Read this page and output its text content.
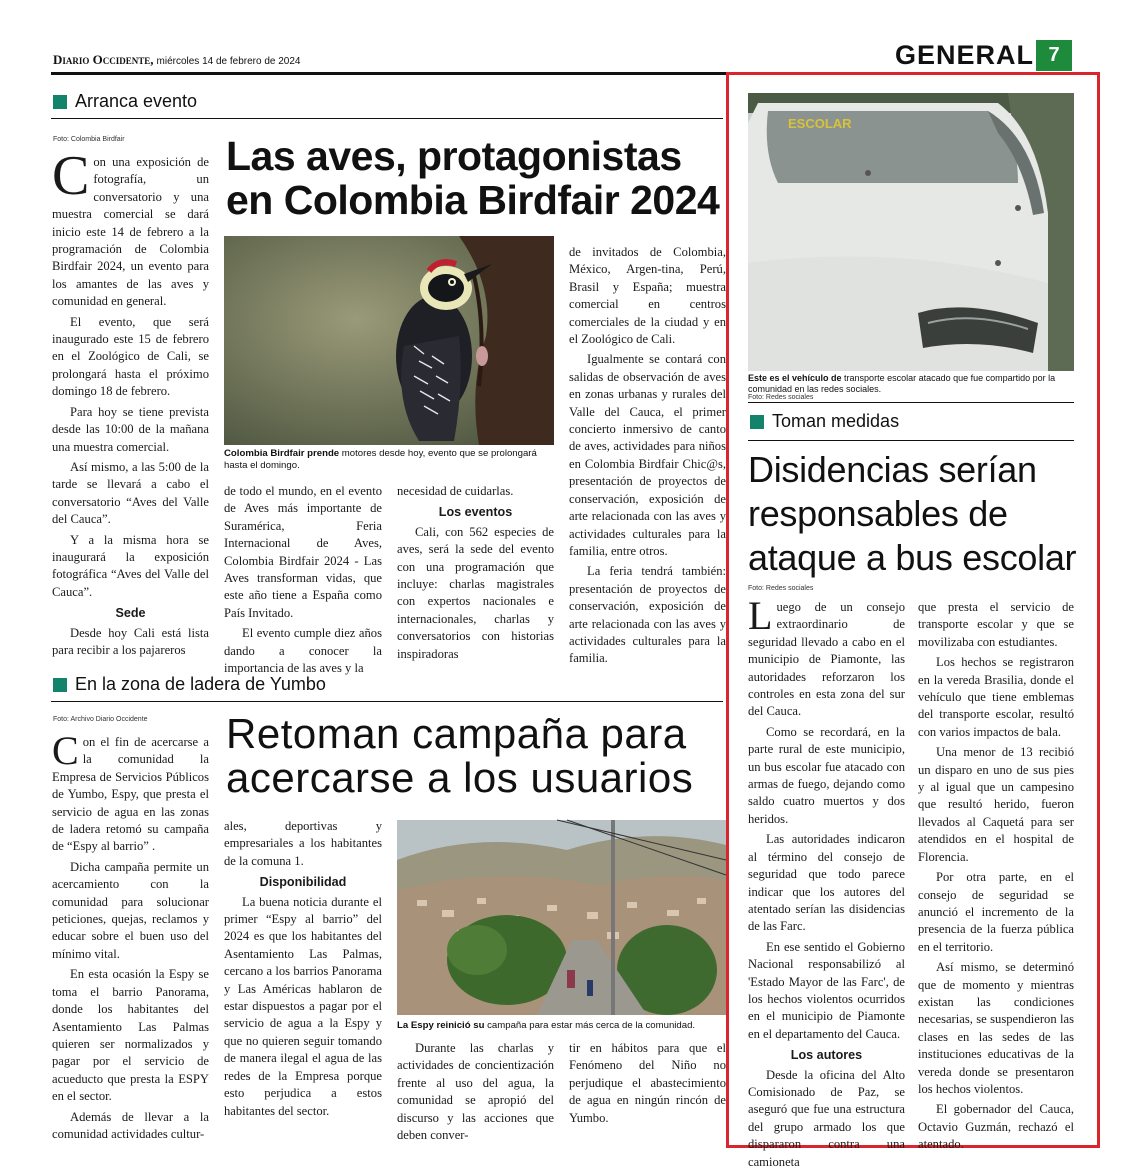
Diario Occidente, miércoles 14 de febrero de 2024	GENERAL 7
Arranca evento
Foto: Colombia Birdfair Las aves, protagonistas en Colombia Birdfair 2024

Con una exposición de fotografía, un conversatorio y una muestra comercial se dará inicio este 14 de febrero a la programación de Colombia Birdfair 2024, un evento para los amantes de las aves y comunidad en general.

El evento, que será inaugurado este 15 de febrero en el Zoológico de Cali, se prolongará hasta el próximo domingo 18 de febrero.

Para hoy se tiene prevista desde las 10:00 de la mañana una muestra comercial.

Así mismo, a las 5:00 de la tarde se llevará a cabo el conversatorio “Aves del Valle del Cauca”.

Y a la misma hora se inaugurará la exposición fotográfica “Aves del Valle del Cauca”.

Sede

Desde hoy Cali está lista para recibir a los pajareros

Colombia Birdfair prende motores desde hoy, evento que se prolongará hasta el domingo.

de todo el mundo, en el evento de Aves más importante de Suramérica, Feria Internacional de Aves, Colombia Birdfair 2024 - Las Aves transforman vidas, que este año tiene a España como País Invitado.

El evento cumple diez años dando a conocer la importancia de las aves y la

necesidad de cuidarlas.

Los eventos

Cali, con 562 especies de aves, será la sede del evento con una programación que incluye: charlas magistrales con expertos nacionales e internacionales, charlas y conversatorios con historias inspiradoras

de invitados de Colombia, México, Argen-tina, Perú, Brasil y España; muestra comercial en centros comerciales de la ciudad y en el Zoológico de Cali.

Igualmente se contará con salidas de observación de aves en zonas urbanas y rurales del Valle del Cauca, el primer concierto inmersivo de canto de aves, actividades para niños en Colombia Birdfair Chic@s, presentación de proyectos de conservación, exposición de arte relacionada con las aves y actividades culturales para la familia, entre otros.

La feria tendrá también: presentación de proyectos de conservación, exposición de arte relacionada con las aves y actividades culturales para la familia.

En la zona de ladera de Yumbo
Foto: Archivo Diario Occidente Retoman campaña para acercarse a los usuarios

Con el fin de acercarse a la comunidad la Empresa de Servicios Públicos de Yumbo, Espy, que presta el servicio de agua en las zonas de ladera retomó su campaña de “Espy al barrio” .

Dicha campaña permite un acercamiento con la comunidad para solucionar peticiones, quejas, reclamos y educar sobre el buen uso del mínimo vital.

En esta ocasión la Espy se toma el barrio Panorama, donde los habitantes del Asentamiento Las Palmas quieren ser normalizados y pagar por el servicio de acueducto que presta la ESPY en el sector.

Además de llevar a la comunidad actividades cultur-

ales, deportivas y empresariales a los habitantes de la comuna 1.

Disponibilidad

La buena noticia durante el primer “Espy al barrio” del 2024 es que los habitantes del Asentamiento Las Palmas, cercano a los barrios Panorama y Las Américas hablaron de estar dispuestos a pagar por el servicio de agua a la Espy y que no quieren seguir tomando de manera ilegal el agua de las redes de la Empresa porque esto perjudica a estos habitantes del sector.

La Espy reinició su campaña para estar más cerca de la comunidad.

Durante las charlas y actividades de concientización frente al uso del agua, la comunidad se apropió del discurso y las acciones que deben conver-

tir en hábitos para que el Fenómeno del Niño no perjudique el abastecimiento de agua en ningún rincón de Yumbo.

ESCOLAR
Este es el vehículo de transporte escolar atacado que fue compartido por la comunidad en las redes sociales.
Foto: Redes sociales
Toman medidas
Disidencias serían responsables de ataque a bus escolar
Foto: Redes sociales

Luego de un consejo extraordinario de seguridad llevado a cabo en el municipio de Piamonte, las autoridades reforzaron los controles en esta zona del sur del Cauca.

Como se recordará, en la parte rural de este municipio, un bus escolar fue atacado con armas de fuego, dejando como saldo cuatro muertos y dos heridos.

Las autoridades indicaron al término del consejo de seguridad que todo parece indicar que los autores del atentado serían las disidencias de las Farc.

En ese sentido el Gobierno Nacional responsabilizó al 'Estado Mayor de las Farc', de los hechos violentos ocurridos en el municipio de Piamonte en el departamento del Cauca.

Los autores

Desde la oficina del Alto Comisionado de Paz, se aseguró que fue una estructura del grupo armado los que dispararon contra una camioneta

que presta el servicio de transporte escolar y que se movilizaba con estudiantes.

Los hechos se registraron en la vereda Brasilia, donde el vehículo que tiene emblemas del transporte escolar, resultó con varios impactos de bala.

Una menor de 13 recibió un disparo en uno de sus pies y al igual que un campesino que resultó herido, fueron llevados al Caquetá para ser atendidos en el hospital de Florencia.

Por otra parte, en el consejo de seguridad se anunció el incremento de la presencia de la fuerza pública en el territorio.

Así mismo, se determinó que de momento y mientras existan las condiciones necesarias, se suspendieron las clases en las sedes de las instituciones educativas de la vereda donde se presentaron los hechos violentos.

El gobernador del Cauca, Octavio Guzmán, rechazó el atentado.
